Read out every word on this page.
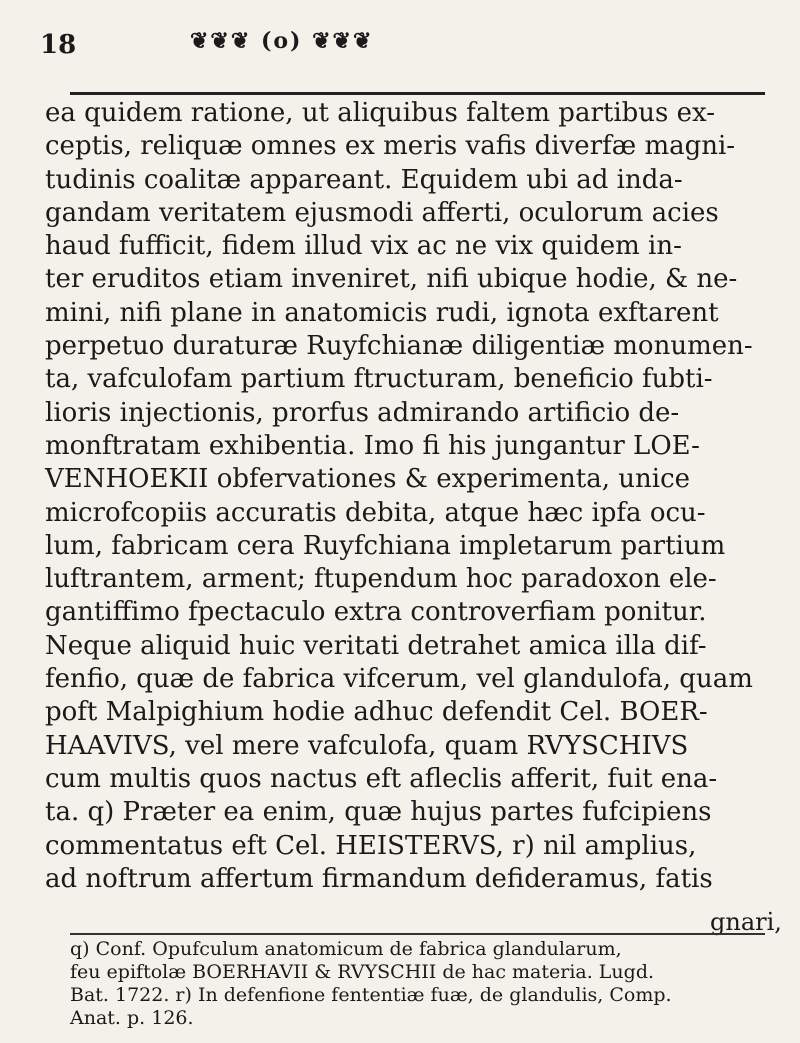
18	❦❦❦ (o) ❦❦❦
ea quidem ratione, ut aliquibus faltem partibus ex-
ceptis, reliquæ omnes ex meris vafis diverfæ magni-
tudinis coalitæ appareant. Equidem ubi ad inda-
gandam veritatem ejusmodi afferti, oculorum acies
haud fufficit, fidem illud vix ac ne vix quidem in-
ter eruditos etiam inveniret, nifi ubique hodie, & ne-
mini, nifi plane in anatomicis rudi, ignota exftarent
perpetuo duraturæ Ruyfchianæ diligentiæ monumen-
ta, vafculofam partium ftructuram, beneficio fubti-
lioris injectionis, prorfus admirando artificio de-
monftratam exhibentia. Imo fi his jungantur LOE-
VENHOEKII obfervationes & experimenta, unice
microfcopiis accuratis debita, atque hæc ipfa ocu-
lum, fabricam cera Ruyfchiana impletarum partium
luftrantem, arment; ftupendum hoc paradoxon ele-
gantiffimo fpectaculo extra controverfiam ponitur.
Neque aliquid huic veritati detrahet amica illa dif-
fenfio, quæ de fabrica vifcerum, vel glandulofa, quam
poft Malpighium hodie adhuc defendit Cel. BOER-
HAAVIVS, vel mere vafculofa, quam RVYSCHIVS
cum multis quos nactus eft afleclis afferit, fuit ena-
ta. q) Præter ea enim, quæ hujus partes fufcipiens
commentatus eft Cel. HEISTERVS, r) nil amplius,
ad noftrum affertum firmandum defideramus, fatis
gnari,
q) Conf. Opufculum anatomicum de fabrica glandularum,
feu epiftolæ BOERHAVII & RVYSCHII de hac materia. Lugd.
Bat. 1722. r) In defenfione fententiæ fuæ, de glandulis, Comp.
Anat. p. 126.
